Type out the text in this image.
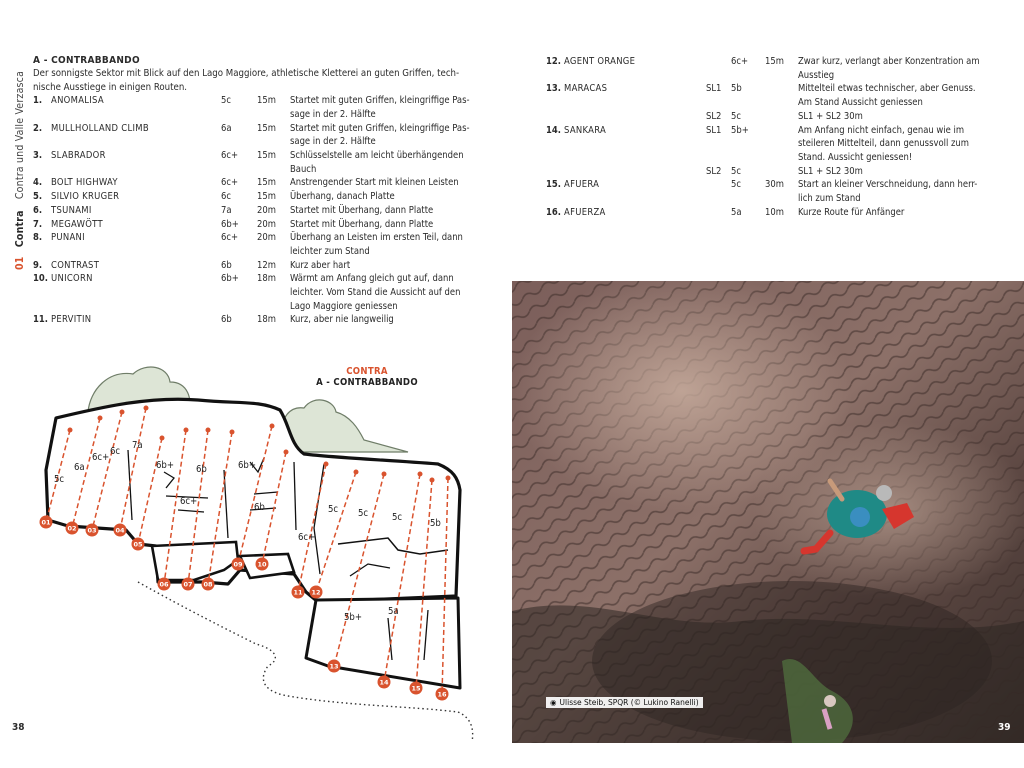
01 Contra Contra und Valle Verzasca

A - CONTRABBANDO

Der sonnigste Sektor mit Blick auf den Lago Maggiore, athletische Kletterei an guten Griffen, tech-nische Ausstiege in einigen Routen.

1.	ANOMALISA		5c	15m	Startet mit guten Griffen, kleingriffige Pas-sage in der 2. Hälfte
2.	MULLHOLLAND CLIMB		6a	15m	Startet mit guten Griffen, kleingriffige Pas-sage in der 2. Hälfte
3.	SLABRADOR		6c+	15m	Schlüsselstelle am leicht überhängenden Bauch
4.	BOLT HIGHWAY		6c+	15m	Anstrengender Start mit kleinen Leisten
5.	SILVIO KRUGER		6c	15m	Überhang, danach Platte
6.	TSUNAMI		7a	20m	Startet mit Überhang, dann Platte
7.	MEGAWÖTT		6b+	20m	Startet mit Überhang, dann Platte
8.	PUNANI		6c+	20m	Überhang an Leisten im ersten Teil, dann leichter zum Stand
9.	CONTRAST		6b	12m	Kurz aber hart
10.	UNICORN		6b+	18m	Wärmt am Anfang gleich gut auf, dann leichter. Vom Stand die Aussicht auf den Lago Maggiore geniessen
11.	PERVITIN		6b	18m	Kurz, aber nie langweilig
12.	AGENT ORANGE		6c+	15m	Zwar kurz, verlangt aber Konzentration am Ausstieg
13.	MARACAS	SL1	5b		Mittelteil etwas technischer, aber Genuss. Am Stand Aussicht geniessen
		SL2	5c		SL1 + SL2 30m
14.	SANKARA	SL1	5b+		Am Anfang nicht einfach, genau wie im steileren Mittelteil, dann genussvoll zum Stand. Aussicht geniessen!
		SL2	5c		SL1 + SL2 30m
15.	AFUERA		5c	30m	Start an kleiner Verschneidung, dann herr-lich zum Stand
16.	AFUERZA		5a	10m	Kurze Route für Anfänger
CONTRA
A - CONTRABBANDO
01
02 03	04
05
06 07 08
09 10
11 12
13
14
15
16
5c
6a
6c+
6c
7a
6b+
6c+
6b	6b+
6b
6c+
5c 5c	5c
5b
5b+
5a
◉ Ulisse Steib, SPQR (© Lukino Ranelli)
38	39
